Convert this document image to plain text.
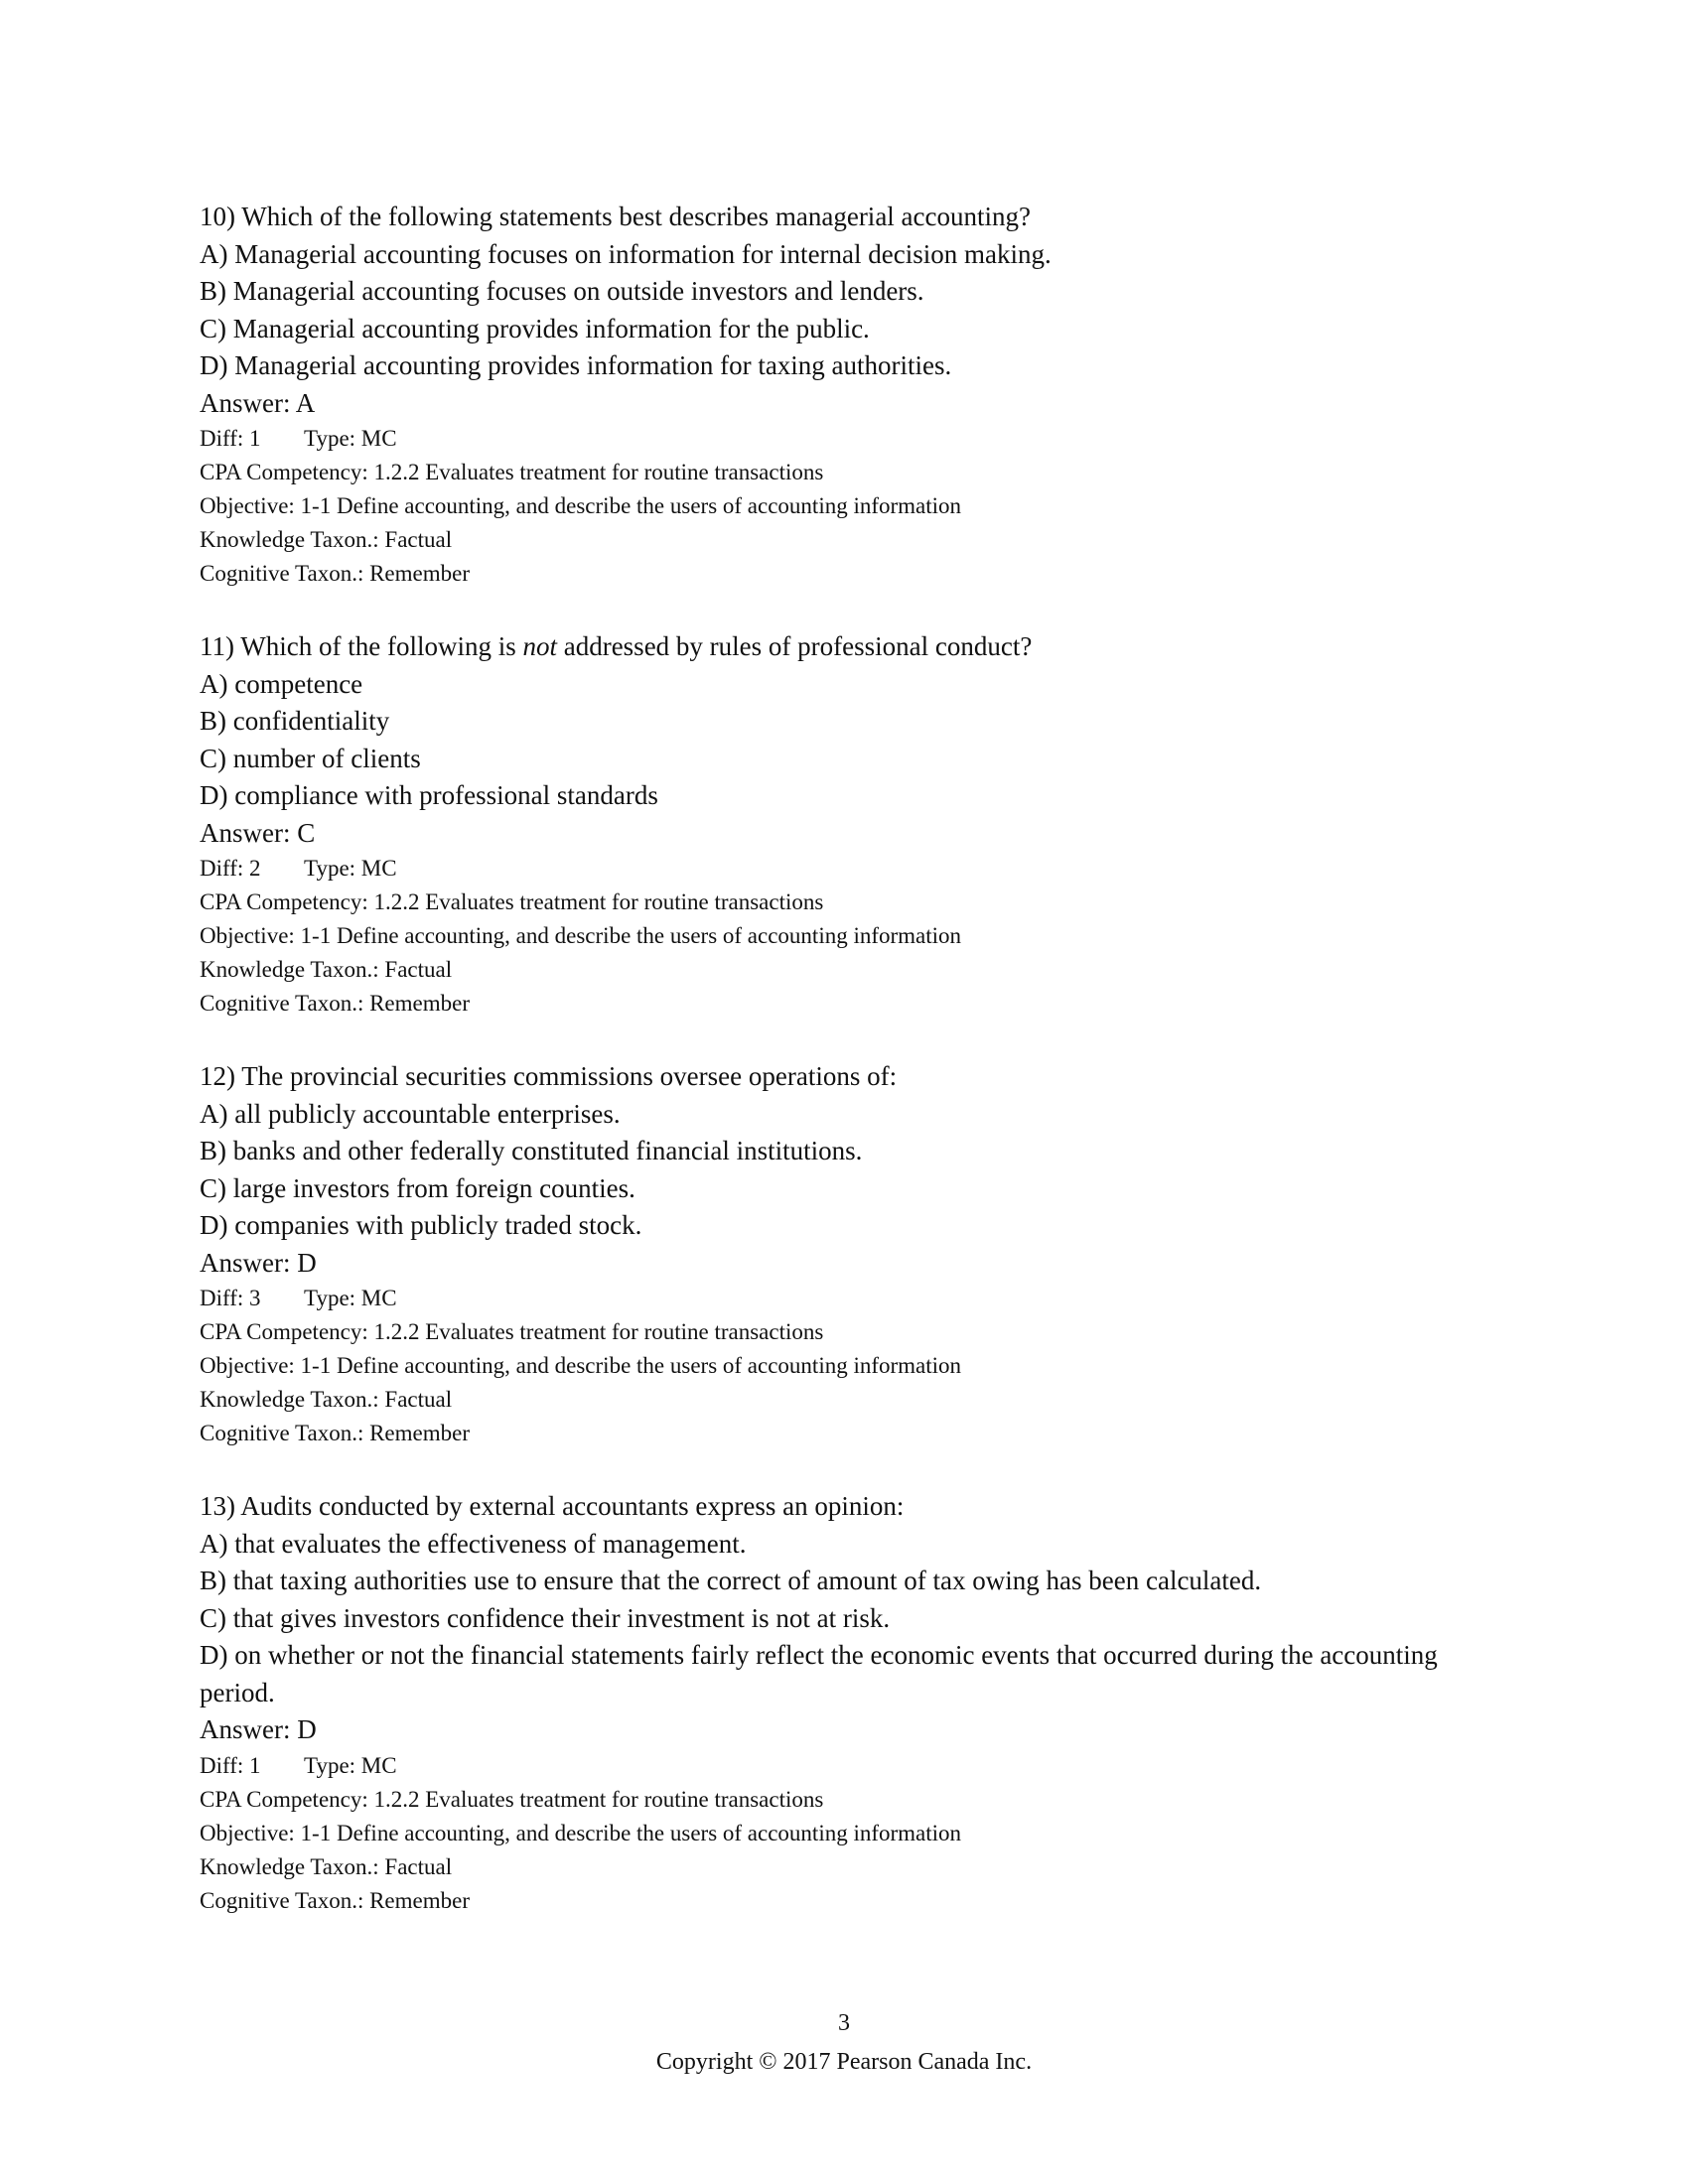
10) Which of the following statements best describes managerial accounting?
A) Managerial accounting focuses on information for internal decision making.
B) Managerial accounting focuses on outside investors and lenders.
C) Managerial accounting provides information for the public.
D) Managerial accounting provides information for taxing authorities.
Answer: A
Diff: 1 Type: MC
CPA Competency: 1.2.2 Evaluates treatment for routine transactions
Objective: 1-1 Define accounting, and describe the users of accounting information
Knowledge Taxon.: Factual
Cognitive Taxon.: Remember
11) Which of the following is not addressed by rules of professional conduct?
A) competence
B) confidentiality
C) number of clients
D) compliance with professional standards
Answer: C
Diff: 2 Type: MC
CPA Competency: 1.2.2 Evaluates treatment for routine transactions
Objective: 1-1 Define accounting, and describe the users of accounting information
Knowledge Taxon.: Factual
Cognitive Taxon.: Remember
12) The provincial securities commissions oversee operations of:
A) all publicly accountable enterprises.
B) banks and other federally constituted financial institutions.
C) large investors from foreign counties.
D) companies with publicly traded stock.
Answer: D
Diff: 3 Type: MC
CPA Competency: 1.2.2 Evaluates treatment for routine transactions
Objective: 1-1 Define accounting, and describe the users of accounting information
Knowledge Taxon.: Factual
Cognitive Taxon.: Remember
13) Audits conducted by external accountants express an opinion:
A) that evaluates the effectiveness of management.
B) that taxing authorities use to ensure that the correct of amount of tax owing has been calculated.
C) that gives investors confidence their investment is not at risk.
D) on whether or not the financial statements fairly reflect the economic events that occurred during the accounting period.
Answer: D
Diff: 1 Type: MC
CPA Competency: 1.2.2 Evaluates treatment for routine transactions
Objective: 1-1 Define accounting, and describe the users of accounting information
Knowledge Taxon.: Factual
Cognitive Taxon.: Remember
3
Copyright © 2017 Pearson Canada Inc.
